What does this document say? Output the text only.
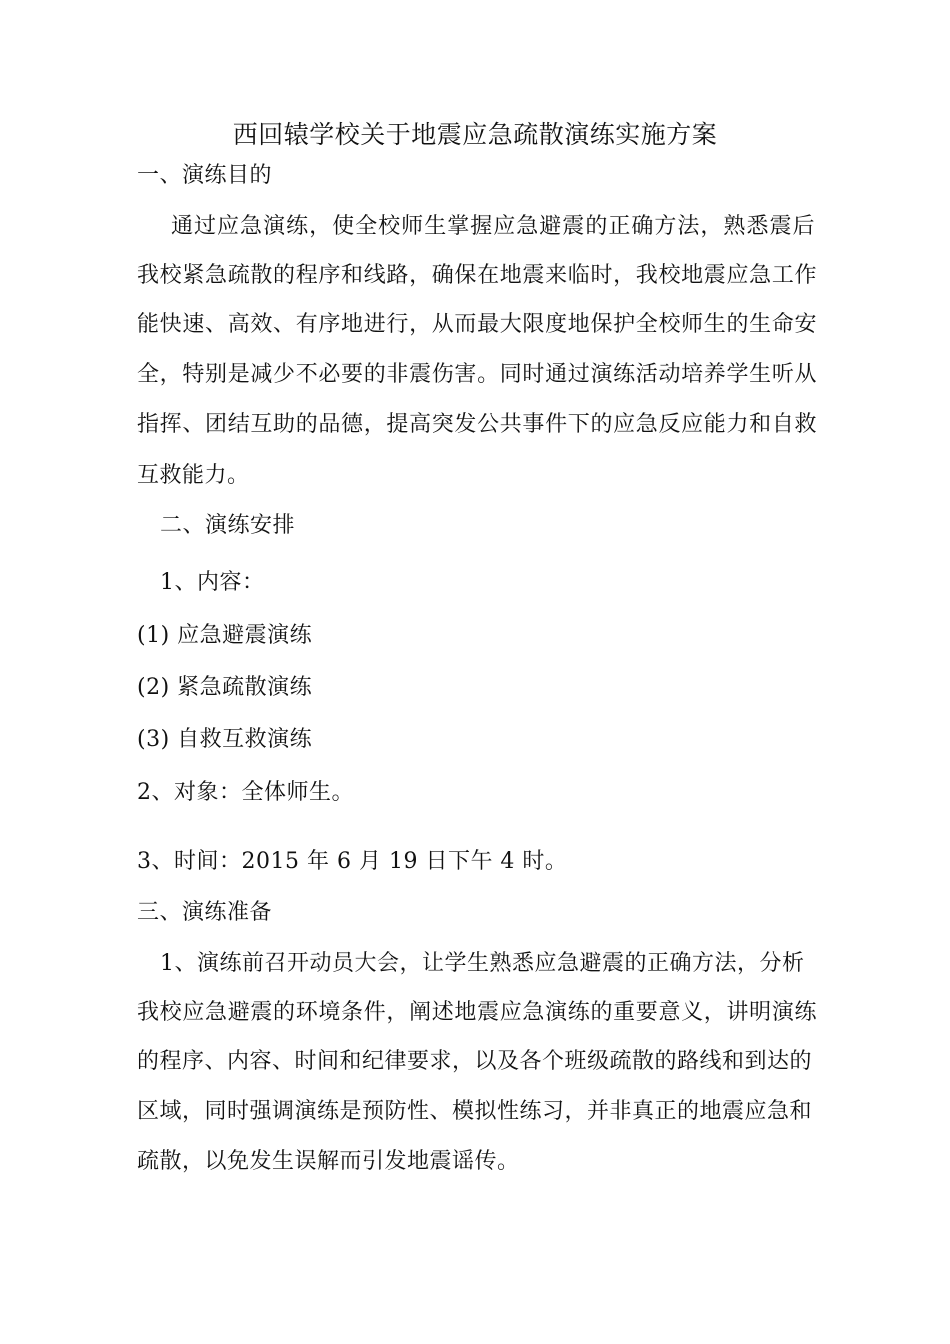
西回辕学校关于地震应急疏散演练实施方案
一、演练目的
通过应急演练，使全校师生掌握应急避震的正确方法，熟悉震后
我校紧急疏散的程序和线路，确保在地震来临时，我校地震应急工作
能快速、高效、有序地进行，从而最大限度地保护全校师生的生命安
全，特别是减少不必要的非震伤害。同时通过演练活动培养学生听从
指挥、团结互助的品德，提高突发公共事件下的应急反应能力和自救
互救能力。
二、演练安排
1、内容：
(1) 应急避震演练
(2) 紧急疏散演练
(3) 自救互救演练
2、对象：全体师生。
3、时间：2015 年 6 月 19 日下午 4 时。
三、演练准备
1、演练前召开动员大会，让学生熟悉应急避震的正确方法，分析
我校应急避震的环境条件，阐述地震应急演练的重要意义，讲明演练
的程序、内容、时间和纪律要求，以及各个班级疏散的路线和到达的
区域，同时强调演练是预防性、模拟性练习，并非真正的地震应急和
疏散，以免发生误解而引发地震谣传。
